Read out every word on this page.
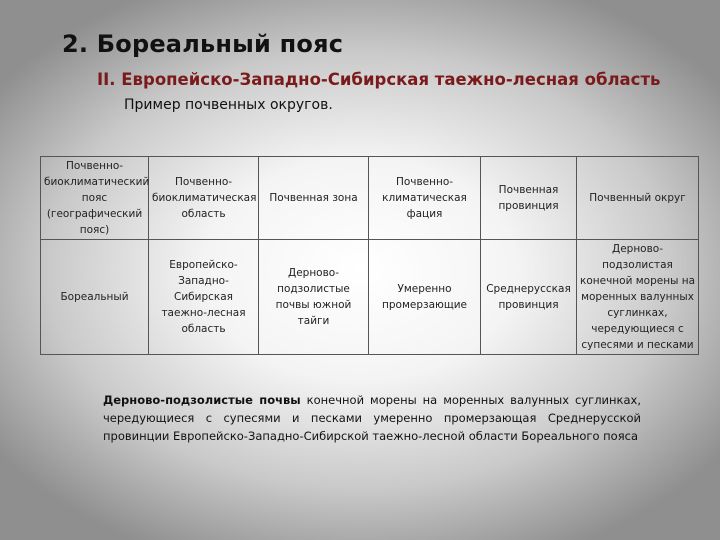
2. Бореальный пояс
II. Европейско-Западно-Сибирская таежно-лесная область
Пример почвенных округов.
Почвенно-биоклиматический пояс (географический пояс)	Почвенно-биоклиматическая область	Почвенная зона	Почвенно-климатическая фация	Почвенная провинция	Почвенный округ
Бореальный	Европейско-Западно-Сибирская таежно-лесная область	Дерново-подзолистые почвы южной тайги	Умеренно промерзающие	Среднерусская провинция	Дерново-подзолистая конечной морены на моренных валунных суглинках, чередующиеся с супесями и песками
Дерново-подзолистые почвы конечной морены на моренных валунных суглинках, чередующиеся с супесями и песками умеренно промерзающая Среднерусской провинции Европейско-Западно-Сибирской таежно-лесной области Бореального пояса
